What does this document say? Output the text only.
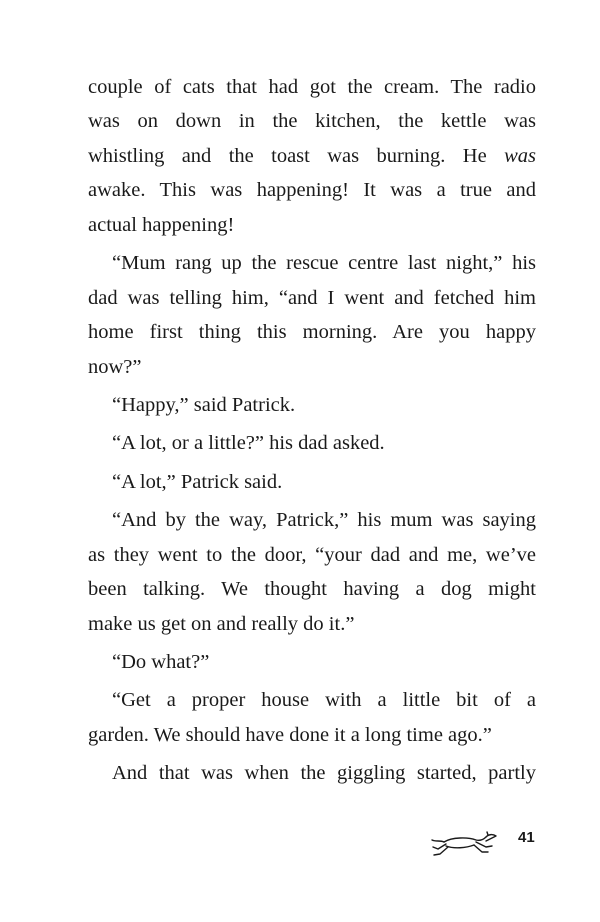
couple of cats that had got the cream. The radio
was on down in the kitchen, the kettle was
whistling and the toast was burning. He was
awake. This was happening! It was a true and
actual happening!
“Mum rang up the rescue centre last night,” his
dad was telling him, “and I went and fetched him
home first thing this morning. Are you happy
now?”
“Happy,” said Patrick.
“A lot, or a little?” his dad asked.
“A lot,” Patrick said.
“And by the way, Patrick,” his mum was saying
as they went to the door, “your dad and me, we’ve
been talking. We thought having a dog might
make us get on and really do it.”
“Do what?”
“Get a proper house with a little bit of a
garden. We should have done it a long time ago.”
And that was when the giggling started, partly
41
